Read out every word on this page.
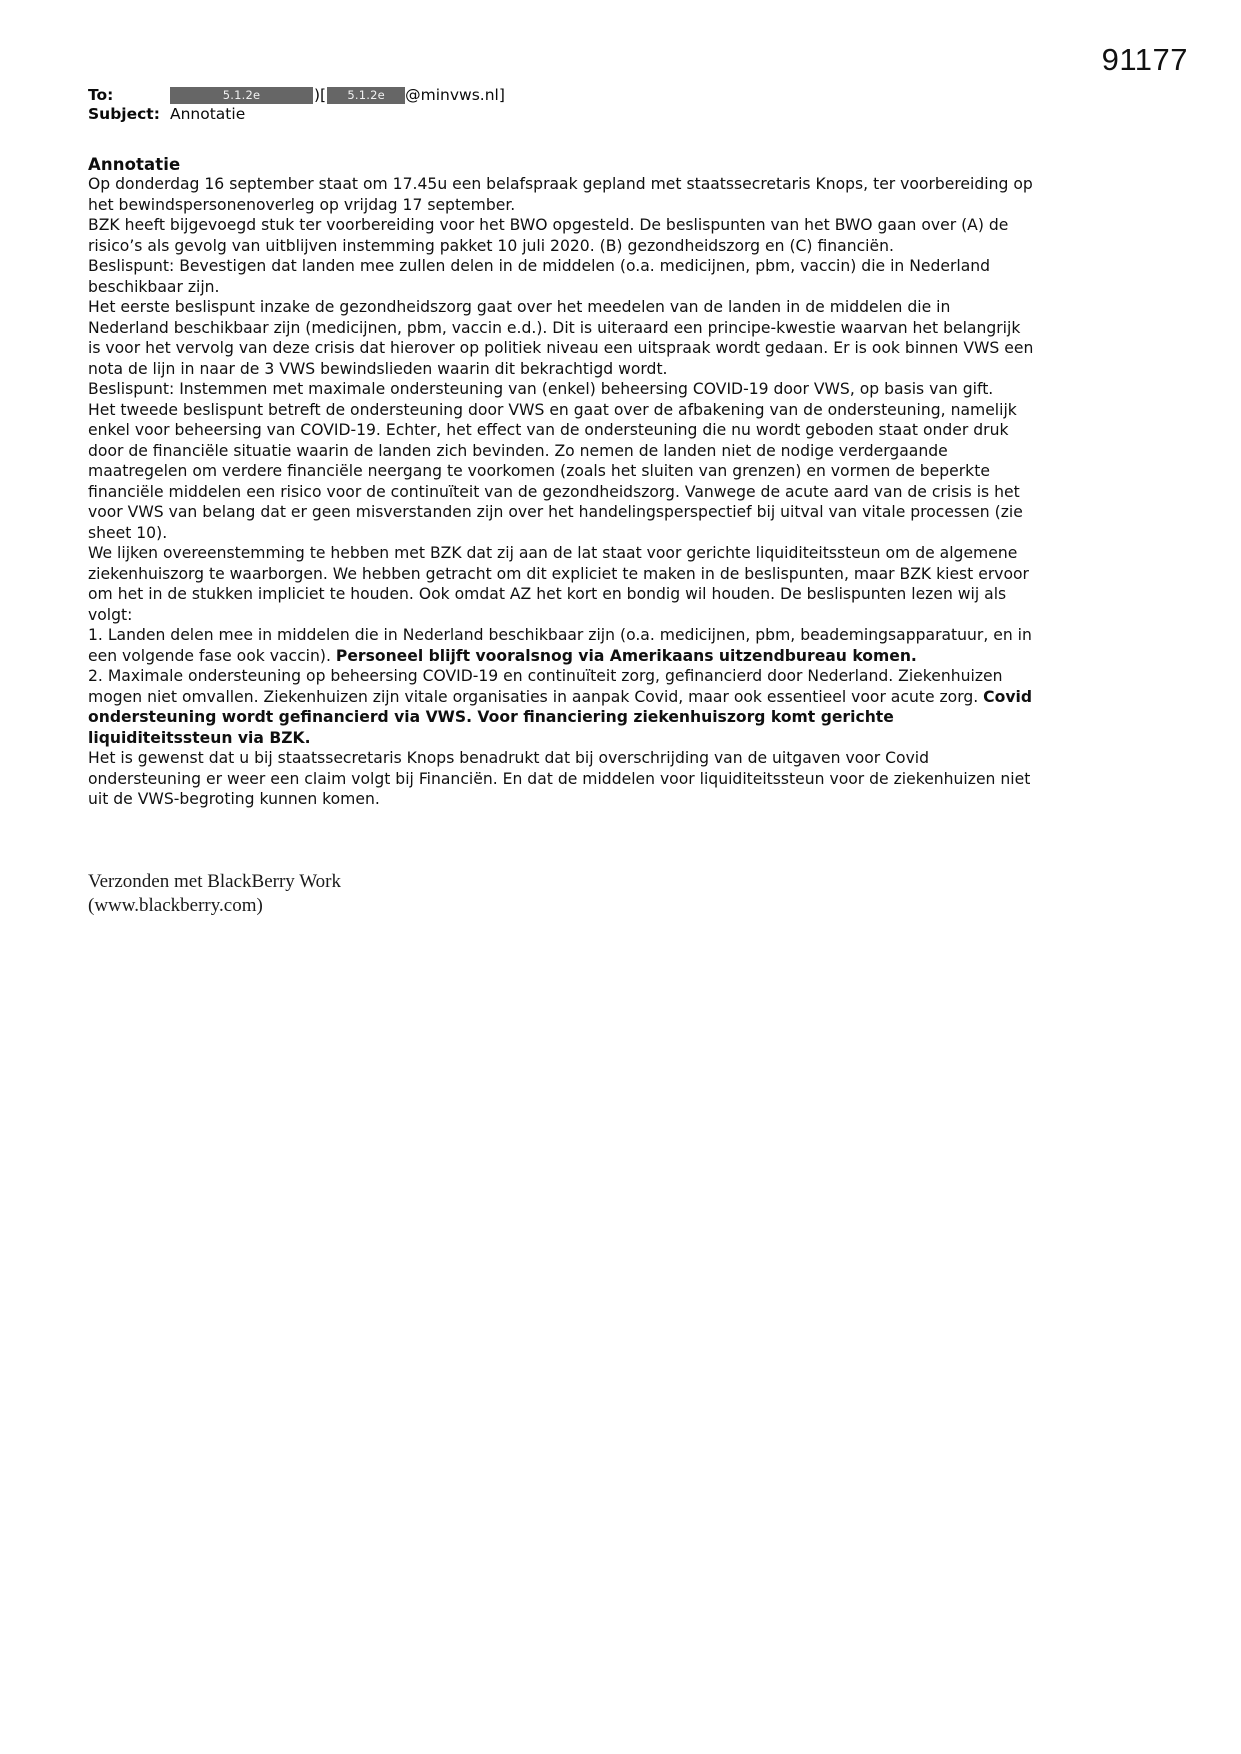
91177
To:	5.1.2e	)[	5.1.2e	@minvws.nl]
Subject: Annotatie

Annotatie

Op donderdag 16 september staat om 17.45u een belafspraak gepland met staatssecretaris Knops, ter voorbereiding op het bewindspersonenoverleg op vrijdag 17 september.

BZK heeft bijgevoegd stuk ter voorbereiding voor het BWO opgesteld. De beslispunten van het BWO gaan over (A) de risico’s als gevolg van uitblijven instemming pakket 10 juli 2020. (B) gezondheidszorg en (C) financiën.

Beslispunt: Bevestigen dat landen mee zullen delen in de middelen (o.a. medicijnen, pbm, vaccin) die in Nederland beschikbaar zijn.

Het eerste beslispunt inzake de gezondheidszorg gaat over het meedelen van de landen in de middelen die in Nederland beschikbaar zijn (medicijnen, pbm, vaccin e.d.). Dit is uiteraard een principe-kwestie waarvan het belangrijk is voor het vervolg van deze crisis dat hierover op politiek niveau een uitspraak wordt gedaan. Er is ook binnen VWS een nota de lijn in naar de 3 VWS bewindslieden waarin dit bekrachtigd wordt.

Beslispunt: Instemmen met maximale ondersteuning van (enkel) beheersing COVID-19 door VWS, op basis van gift.

Het tweede beslispunt betreft de ondersteuning door VWS en gaat over de afbakening van de ondersteuning, namelijk enkel voor beheersing van COVID-19. Echter, het effect van de ondersteuning die nu wordt geboden staat onder druk door de financiële situatie waarin de landen zich bevinden. Zo nemen de landen niet de nodige verdergaande maatregelen om verdere financiële neergang te voorkomen (zoals het sluiten van grenzen) en vormen de beperkte financiële middelen een risico voor de continuïteit van de gezondheidszorg. Vanwege de acute aard van de crisis is het voor VWS van belang dat er geen misverstanden zijn over het handelingsperspectief bij uitval van vitale processen (zie sheet 10).

We lijken overeenstemming te hebben met BZK dat zij aan de lat staat voor gerichte liquiditeitssteun om de algemene ziekenhuiszorg te waarborgen. We hebben getracht om dit expliciet te maken in de beslispunten, maar BZK kiest ervoor om het in de stukken impliciet te houden. Ook omdat AZ het kort en bondig wil houden. De beslispunten lezen wij als volgt:

1. Landen delen mee in middelen die in Nederland beschikbaar zijn (o.a. medicijnen, pbm, beademingsapparatuur, en in een volgende fase ook vaccin). Personeel blijft vooralsnog via Amerikaans uitzendbureau komen.

2. Maximale ondersteuning op beheersing COVID-19 en continuïteit zorg, gefinancierd door Nederland. Ziekenhuizen mogen niet omvallen. Ziekenhuizen zijn vitale organisaties in aanpak Covid, maar ook essentieel voor acute zorg. Covid ondersteuning wordt gefinancierd via VWS. Voor financiering ziekenhuiszorg komt gerichte liquiditeitssteun via BZK.

Het is gewenst dat u bij staatssecretaris Knops benadrukt dat bij overschrijding van de uitgaven voor Covid ondersteuning er weer een claim volgt bij Financiën. En dat de middelen voor liquiditeitssteun voor de ziekenhuizen niet uit de VWS-begroting kunnen komen.

Verzonden met BlackBerry Work
(www.blackberry.com)
